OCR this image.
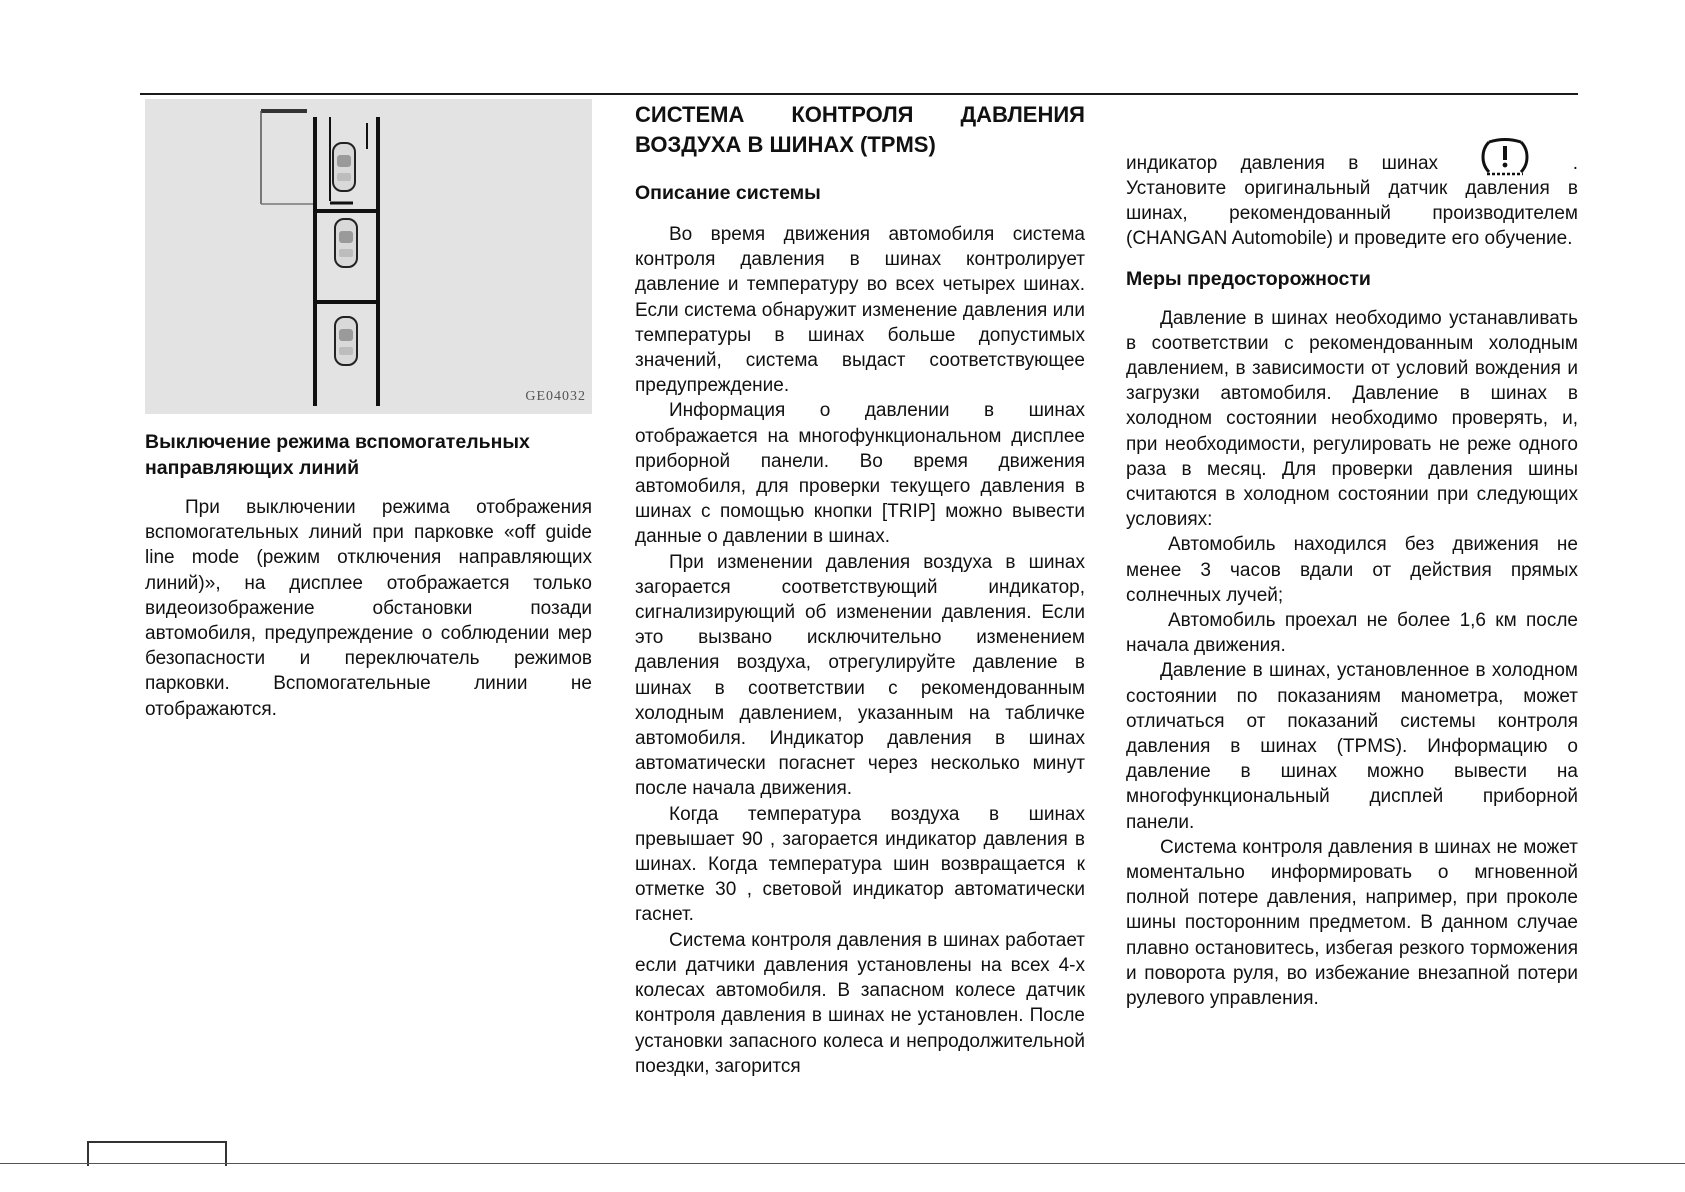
GE04032
Выключение режима вспомогательных направляющих линий

При выключении режима отображения вспомогательных линий при парковке «off guide line mode (режим отключения направляющих линий)», на дисплее отображается только видеоизображение обстановки позади автомобиля, предупреждение о соблюдении мер безопасности и переключатель режимов парковки. Вспомогательные линии не отображаются.

СИСТЕМА КОНТРОЛЯ ДАВЛЕНИЯ
ВОЗДУХА В ШИНАХ (TPMS)
Описание системы

Во время движения автомобиля система контроля давления в шинах контролирует давление и температуру во всех четырех шинах. Если система обнаружит изменение давления или температуры в шинах больше допустимых значений, система выдаст соответствующее предупреждение.

Информация о давлении в шинах отображается на многофункциональном дисплее приборной панели. Во время движения автомобиля, для проверки текущего давления в шинах с помощью кнопки [TRIP] можно вывести данные о давлении в шинах.

При изменении давления воздуха в шинах загорается соответствующий индикатор, сигнализирующий об изменении давления. Если это вызвано исключительно изменением давления воздуха, отрегулируйте давление в шинах в соответствии с рекомендованным холодным давлением, указанным на табличке автомобиля. Индикатор давления в шинах автоматически погаснет через несколько минут после начала движения.

Когда температура воздуха в шинах превышает 90 , загорается индикатор давления в шинах. Когда температура шин возвращается к отметке 30 , световой индикатор автоматически гаснет.

Система контроля давления в шинах работает если датчики давления установлены на всех 4-х колесах автомобиля. В запасном колесе датчик контроля давления в шинах не установлен. После установки запасного колеса и непродолжительной поездки, загорится

индикатор давления в шинах	.

Установите оригинальный датчик давления в шинах, рекомендованный производителем (CHANGAN Automobile) и проведите его обучение.

Меры предосторожности

Давление в шинах необходимо устанавливать в соответствии с рекомендованным холодным давлением, в зависимости от условий вождения и загрузки автомобиля. Давление в шинах в холодном состоянии необходимо проверять, и, при необходимости, регулировать не реже одного раза в месяц. Для проверки давления шины считаются в холодном состоянии при следующих условиях:

Автомобиль находился без движения не менее 3 часов вдали от действия прямых солнечных лучей;

Автомобиль проехал не более 1,6 км после начала движения.

Давление в шинах, установленное в холодном состоянии по показаниям манометра, может отличаться от показаний системы контроля давления в шинах (TPMS). Информацию о давление в шинах можно вывести на многофункциональный дисплей приборной панели.

Система контроля давления в шинах не может моментально информировать о мгновенной полной потере давления, например, при проколе шины посторонним предметом. В данном случае плавно остановитесь, избегая резкого торможения и поворота руля, во избежание внезапной потери рулевого управления.
